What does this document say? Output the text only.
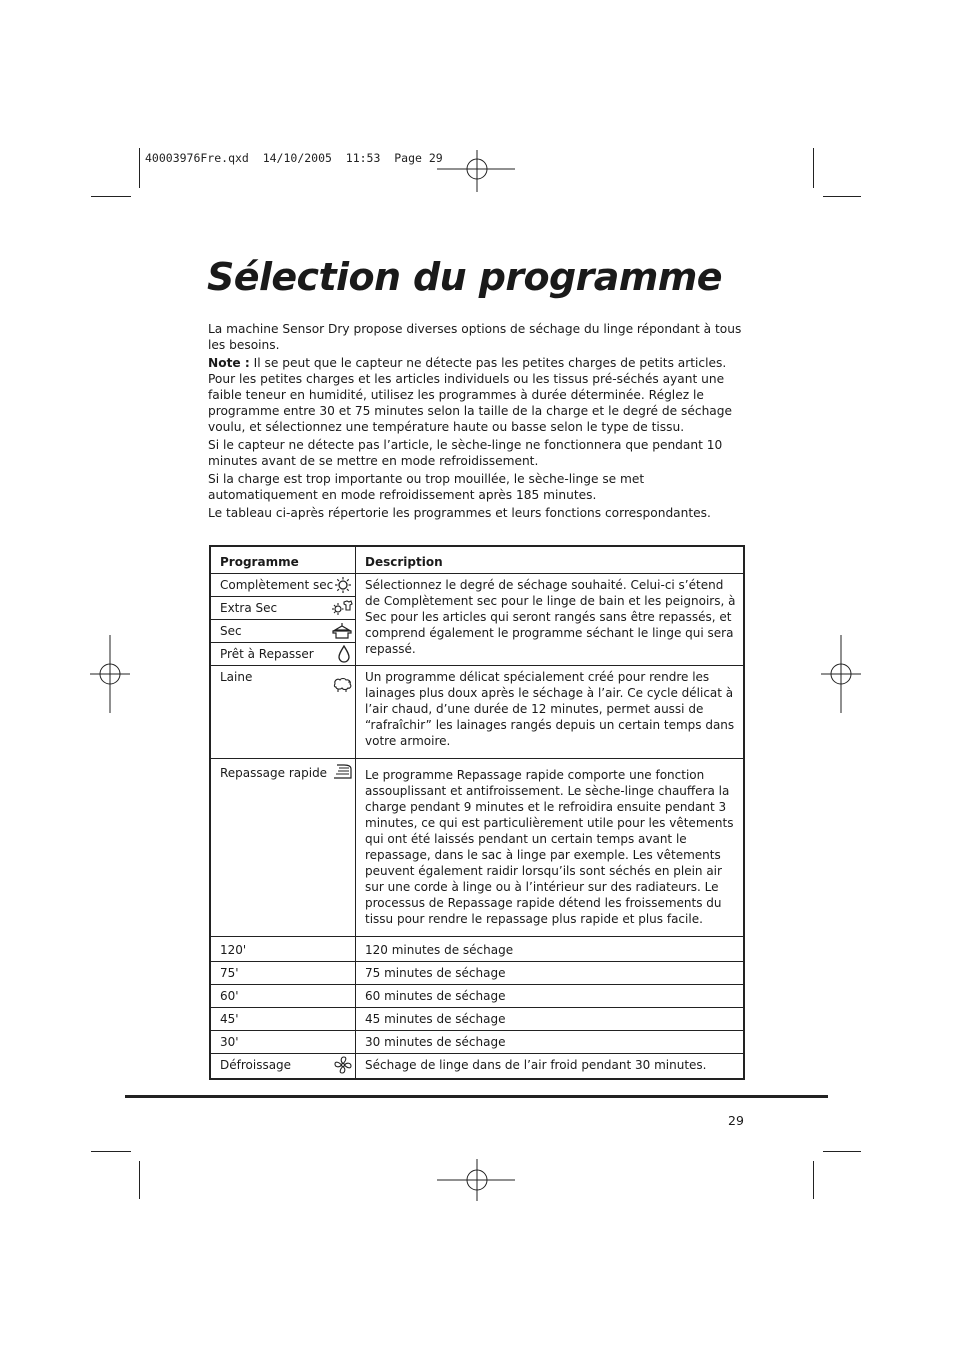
40003976Fre.qxd  14/10/2005  11:53  Page 29
Sélection du programme

La machine Sensor Dry propose diverses options de séchage du linge répondant à tous les besoins.

Note : Il se peut que le capteur ne détecte pas les petites charges de petits articles. Pour les petites charges et les articles individuels ou les tissus pré-séchés ayant une faible teneur en humidité, utilisez les programmes à durée déterminée. Réglez le programme entre 30 et 75 minutes selon la taille de la charge et le degré de séchage voulu, et sélectionnez une température haute ou basse selon le type de tissu.

Si le capteur ne détecte pas l’article, le sèche-linge ne fonctionnera que pendant 10 minutes avant de se mettre en mode refroidissement.

Si la charge est trop importante ou trop mouillée, le sèche-linge se met automatiquement en mode refroidissement après 185 minutes.

Le tableau ci-après répertorie les programmes et leurs fonctions correspondantes.

Programme	Description
Complètement sec	Sélectionnez le degré de séchage souhaité. Celui-ci s’étend de Complètement sec pour le linge de bain et les peignoirs, à Sec pour les articles qui seront rangés sans être repassés, et comprend également le programme séchant le linge qui sera repassé.
Extra Sec	

Sec	

Prêt à Repasser	

Laine	Un programme délicat spécialement créé pour rendre les lainages plus doux après le séchage à l’air. Ce cycle délicat à l’air chaud, d’une durée de 12 minutes, permet aussi de “rafraîchir” les lainages rangés depuis un certain temps dans votre armoire.
Repassage rapide	Le programme Repassage rapide comporte une fonction assouplissant et antifroissement. Le sèche-linge chauffera la charge pendant 9 minutes et le refroidira ensuite pendant 3 minutes, ce qui est particulièrement utile pour les vêtements qui ont été laissés pendant un certain temps avant le repassage, dans le sac à linge par exemple. Les vêtements peuvent également raidir lorsqu’ils sont séchés en plein air sur une corde à linge ou à l’intérieur sur des radiateurs. Le processus de Repassage rapide détend les froissements du tissu pour rendre le repassage plus rapide et plus facile.
120'	120 minutes de séchage
75'	75 minutes de séchage
60'	60 minutes de séchage
45'	45 minutes de séchage
30'	30 minutes de séchage
Défroissage	Séchage de linge dans de l’air froid pendant 30 minutes.
29
